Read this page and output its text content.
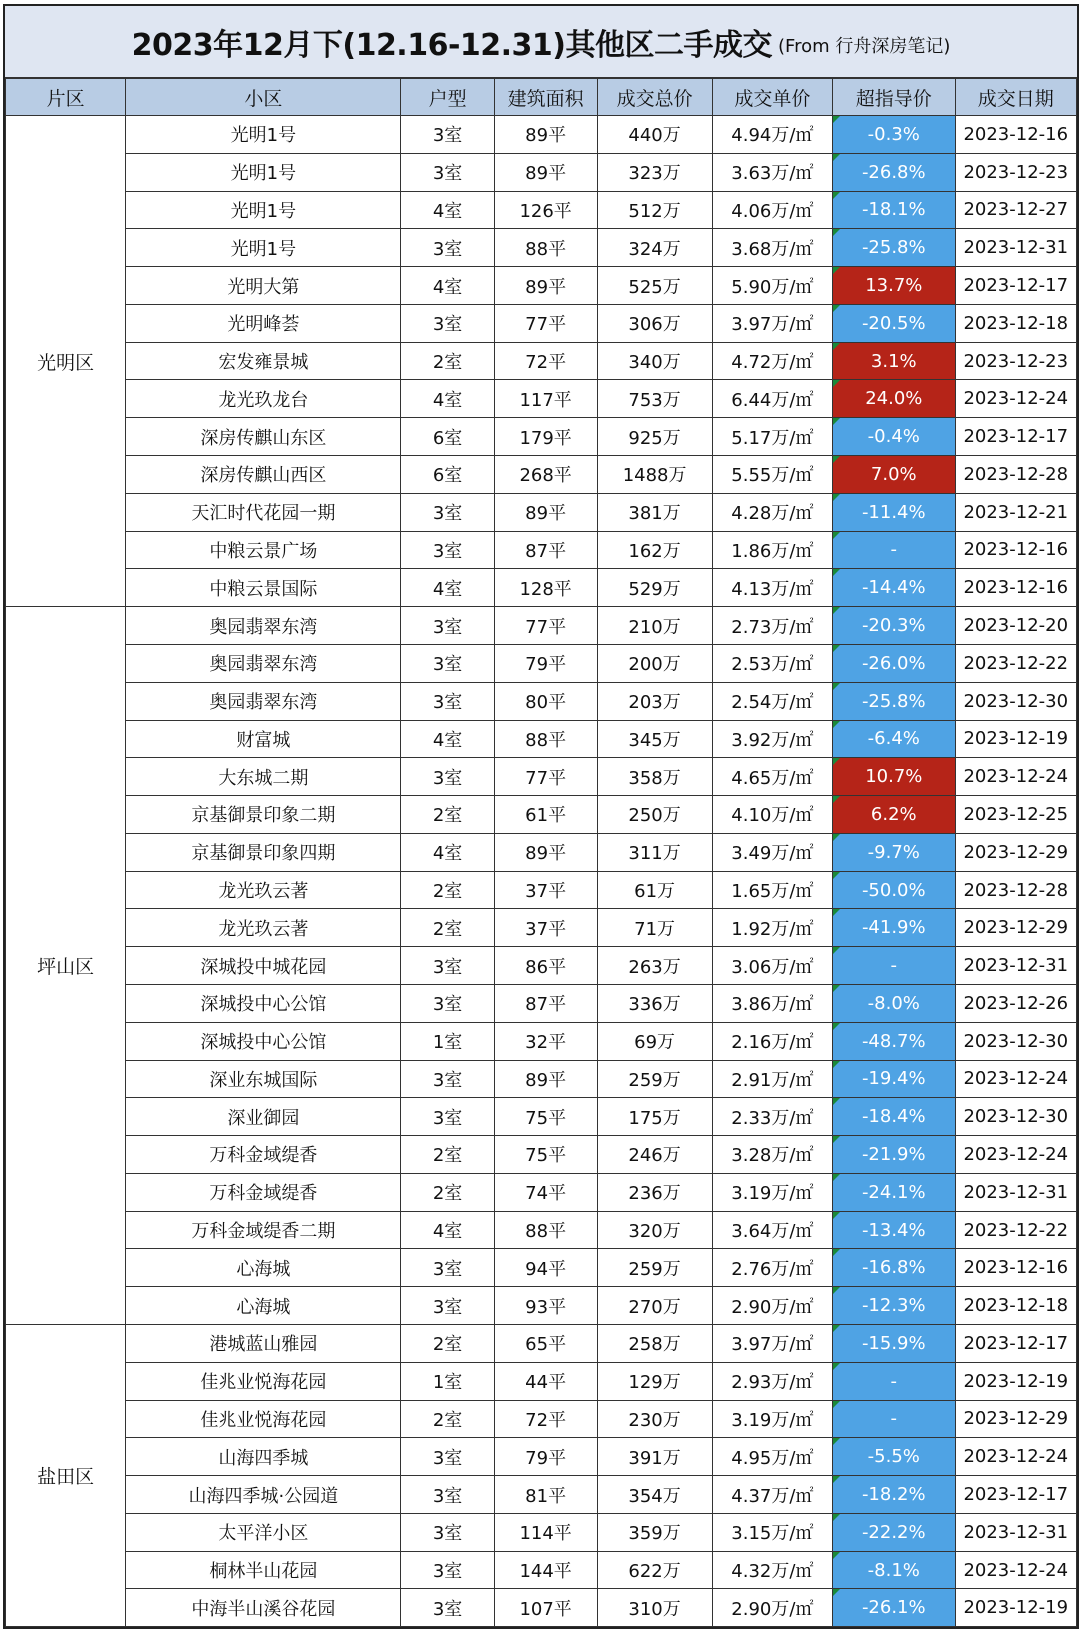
2023年12月下(12.16-12.31)其他区二手成交 (From 行舟深房笔记)
片区	小区	户型	建筑面积	成交总价	成交单价	超指导价	成交日期
光明区	光明1号	3室	89平	440万	4.94万/㎡	-0.3%	2023-12-16
	光明1号	3室	89平	323万	3.63万/㎡	-26.8%	2023-12-23
	光明1号	4室	126平	512万	4.06万/㎡	-18.1%	2023-12-27
	光明1号	3室	88平	324万	3.68万/㎡	-25.8%	2023-12-31
	光明大第	4室	89平	525万	5.90万/㎡	13.7%	2023-12-17
	光明峰荟	3室	77平	306万	3.97万/㎡	-20.5%	2023-12-18
	宏发雍景城	2室	72平	340万	4.72万/㎡	3.1%	2023-12-23
	龙光玖龙台	4室	117平	753万	6.44万/㎡	24.0%	2023-12-24
	深房传麒山东区	6室	179平	925万	5.17万/㎡	-0.4%	2023-12-17
	深房传麒山西区	6室	268平	1488万	5.55万/㎡	7.0%	2023-12-28
	天汇时代花园一期	3室	89平	381万	4.28万/㎡	-11.4%	2023-12-21
	中粮云景广场	3室	87平	162万	1.86万/㎡	-	2023-12-16
	中粮云景国际	4室	128平	529万	4.13万/㎡	-14.4%	2023-12-16
坪山区	奥园翡翠东湾	3室	77平	210万	2.73万/㎡	-20.3%	2023-12-20
	奥园翡翠东湾	3室	79平	200万	2.53万/㎡	-26.0%	2023-12-22
	奥园翡翠东湾	3室	80平	203万	2.54万/㎡	-25.8%	2023-12-30
	财富城	4室	88平	345万	3.92万/㎡	-6.4%	2023-12-19
	大东城二期	3室	77平	358万	4.65万/㎡	10.7%	2023-12-24
	京基御景印象二期	2室	61平	250万	4.10万/㎡	6.2%	2023-12-25
	京基御景印象四期	4室	89平	311万	3.49万/㎡	-9.7%	2023-12-29
	龙光玖云著	2室	37平	61万	1.65万/㎡	-50.0%	2023-12-28
	龙光玖云著	2室	37平	71万	1.92万/㎡	-41.9%	2023-12-29
	深城投中城花园	3室	86平	263万	3.06万/㎡	-	2023-12-31
	深城投中心公馆	3室	87平	336万	3.86万/㎡	-8.0%	2023-12-26
	深城投中心公馆	1室	32平	69万	2.16万/㎡	-48.7%	2023-12-30
	深业东城国际	3室	89平	259万	2.91万/㎡	-19.4%	2023-12-24
	深业御园	3室	75平	175万	2.33万/㎡	-18.4%	2023-12-30
	万科金域缇香	2室	75平	246万	3.28万/㎡	-21.9%	2023-12-24
	万科金域缇香	2室	74平	236万	3.19万/㎡	-24.1%	2023-12-31
	万科金域缇香二期	4室	88平	320万	3.64万/㎡	-13.4%	2023-12-22
	心海城	3室	94平	259万	2.76万/㎡	-16.8%	2023-12-16
	心海城	3室	93平	270万	2.90万/㎡	-12.3%	2023-12-18
盐田区	港城蓝山雅园	2室	65平	258万	3.97万/㎡	-15.9%	2023-12-17
	佳兆业悦海花园	1室	44平	129万	2.93万/㎡	-	2023-12-19
	佳兆业悦海花园	2室	72平	230万	3.19万/㎡	-	2023-12-29
	山海四季城	3室	79平	391万	4.95万/㎡	-5.5%	2023-12-24
	山海四季城·公园道	3室	81平	354万	4.37万/㎡	-18.2%	2023-12-17
	太平洋小区	3室	114平	359万	3.15万/㎡	-22.2%	2023-12-31
	桐林半山花园	3室	144平	622万	4.32万/㎡	-8.1%	2023-12-24
	中海半山溪谷花园	3室	107平	310万	2.90万/㎡	-26.1%	2023-12-19
